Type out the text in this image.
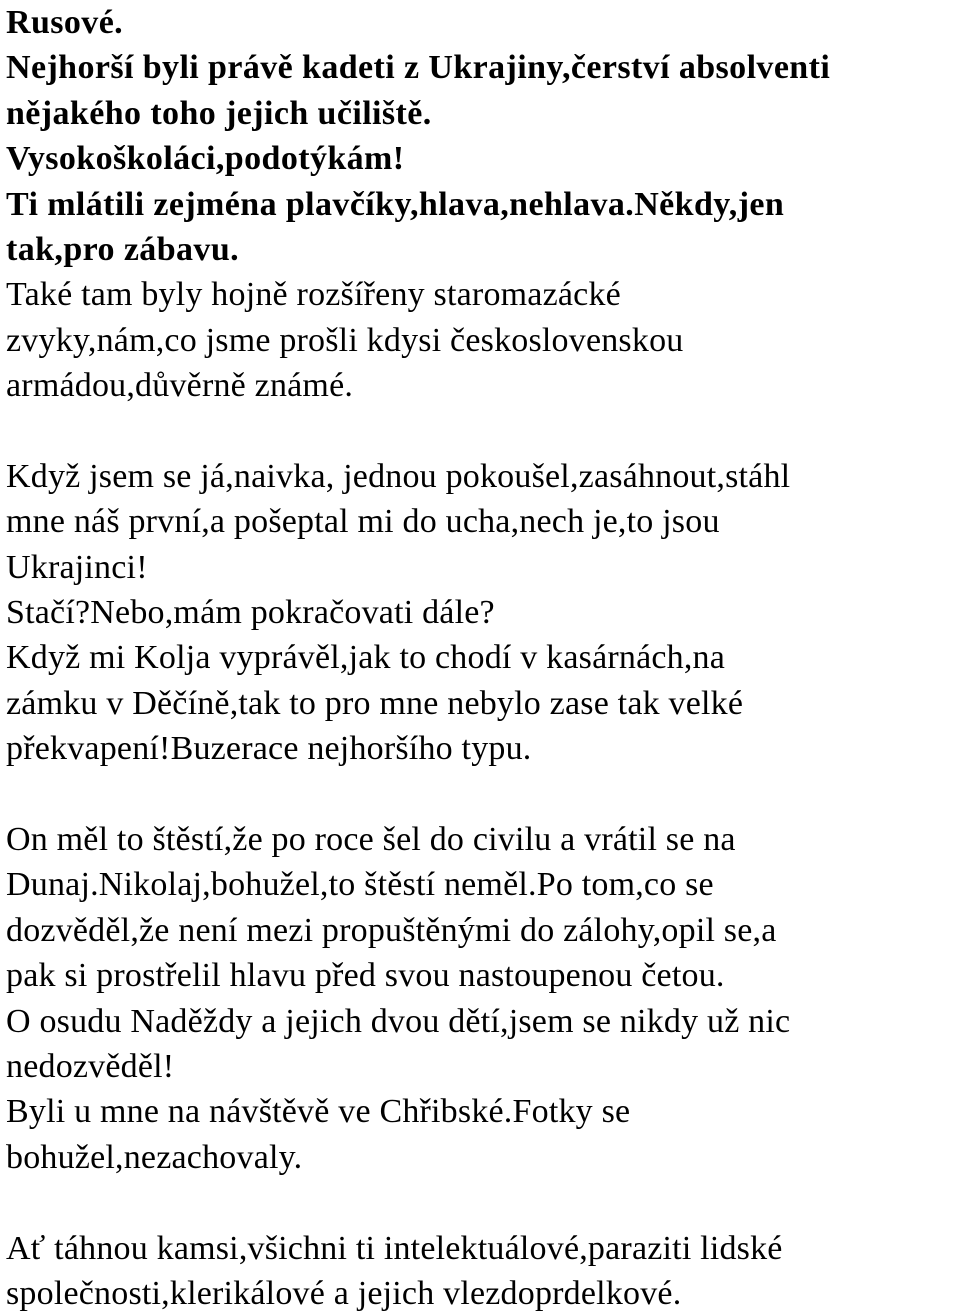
Rusové.
Nejhorší byli právě kadeti z Ukrajiny,čerství absolventi
nějakého toho jejich učiliště.
Vysokoškoláci,podotýkám!
Ti mlátili zejména plavčíky,hlava,nehlava.Někdy,jen
tak,pro zábavu.
Také tam byly hojně rozšířeny staromazácké
zvyky,nám,co jsme prošli kdysi československou
armádou,důvěrně známé.
Když jsem se já,naivka, jednou pokoušel,zasáhnout,stáhl
mne náš první,a pošeptal mi do ucha,nech je,to jsou
Ukrajinci!
Stačí?Nebo,mám pokračovati dále?
Když mi Kolja vyprávěl,jak to chodí v kasárnách,na
zámku v Děčíně,tak to pro mne nebylo zase tak velké
překvapení!Buzerace nejhoršího typu.
On měl to štěstí,že po roce šel do civilu a vrátil se na
Dunaj.Nikolaj,bohužel,to štěstí neměl.Po tom,co se
dozvěděl,že není mezi propuštěnými do zálohy,opil se,a
pak si prostřelil hlavu před svou nastoupenou četou.
O osudu Naděždy a jejich dvou dětí,jsem se nikdy už nic
nedozvěděl!
Byli u mne na návštěvě ve Chřibské.Fotky se
bohužel,nezachovaly.
Ať táhnou kamsi,všichni ti intelektuálové,paraziti lidské
společnosti,klerikálové a jejich vlezdoprdelkové.
